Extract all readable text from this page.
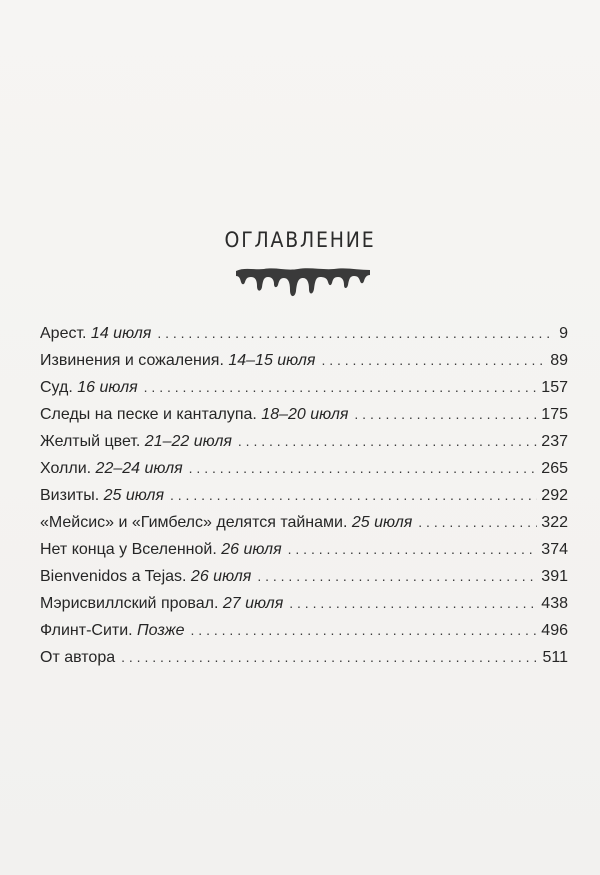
ОГЛАВЛЕНИЕ
Арест. 14 июля . . .	9
Извинения и сожаления. 14–15 июля . . .	89
Суд. 16 июля . . .	157
Следы на песке и канталупа. 18–20 июля . . .	175
Желтый цвет. 21–22 июля . . .	237
Холли. 22–24 июля . . .	265
Визиты. 25 июля . . .	292
«Мейсис» и «Гимбелс» делятся тайнами. 25 июля . . .	322
Нет конца у Вселенной. 26 июля . . .	374
Bienvenidos a Tejas. 26 июля . . .	391
Мэрисвиллский провал. 27 июля . . .	438
Флинт-Сити. Позже . . .	496
От автора . . .	511
